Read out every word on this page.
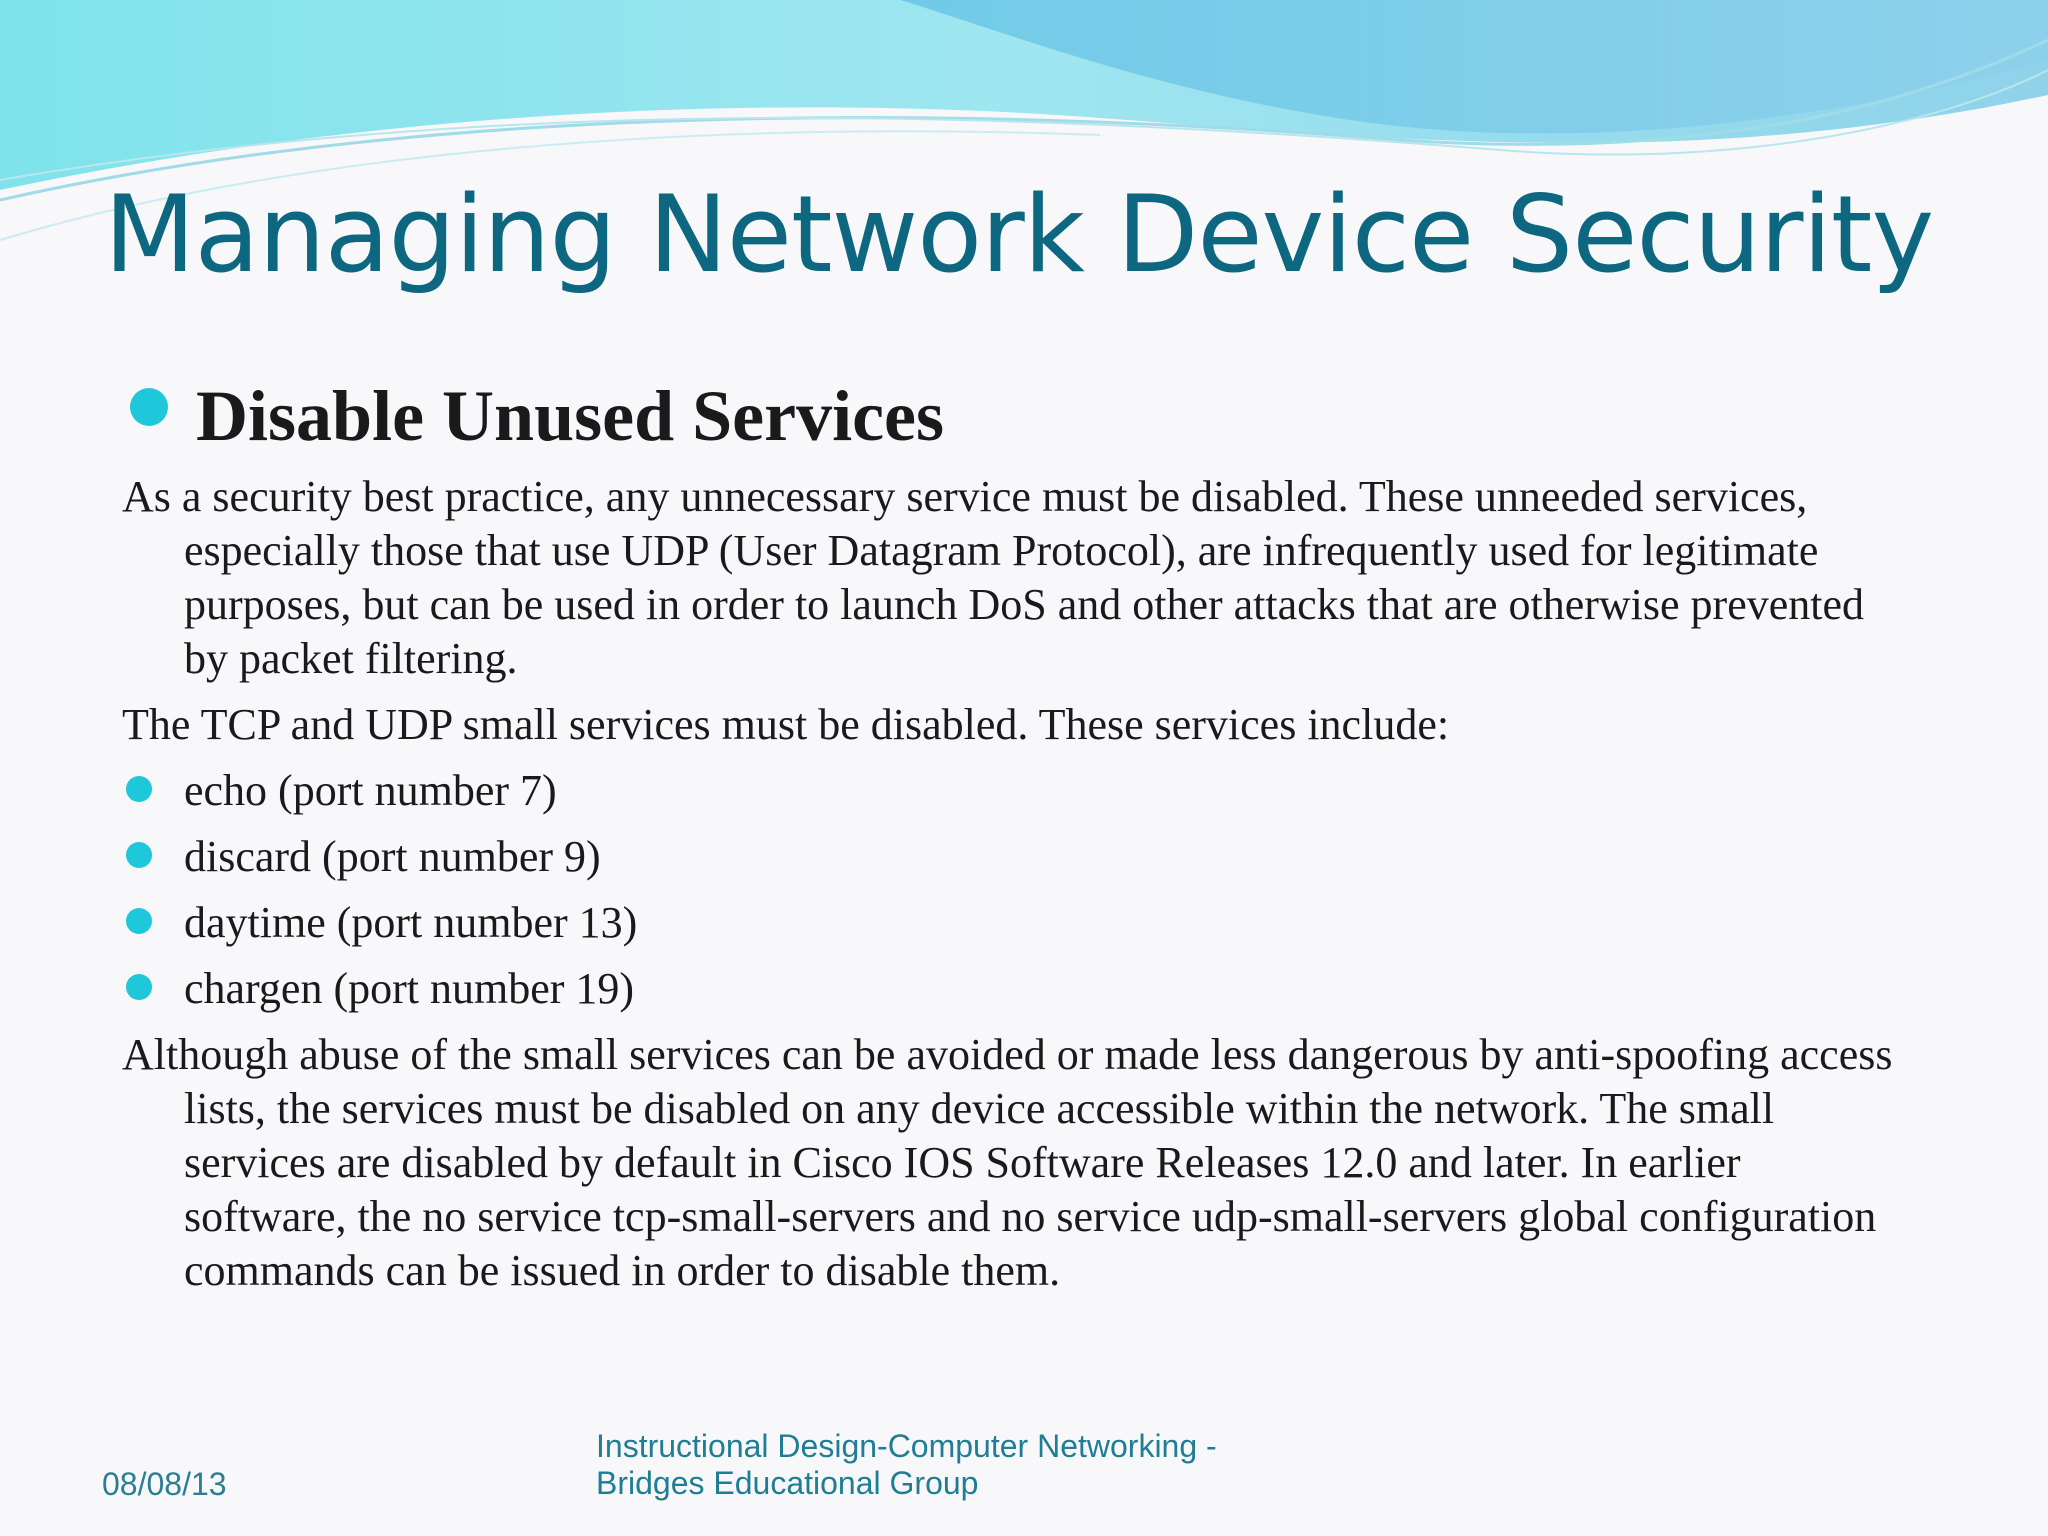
Managing Network Device Security
Disable Unused Services

As a security best practice, any unnecessary service must be disabled. These unneeded services, especially those that use UDP (User Datagram Protocol), are infrequently used for legitimate purposes, but can be used in order to launch DoS and other attacks that are otherwise prevented by packet filtering.

The TCP and UDP small services must be disabled. These services include:

echo (port number 7)
discard (port number 9)
daytime (port number 13)
chargen (port number 19)

Although abuse of the small services can be avoided or made less dangerous by anti-spoofing access lists, the services must be disabled on any device accessible within the network. The small services are disabled by default in Cisco IOS Software Releases 12.0 and later. In earlier software, the no service tcp-small-servers and no service udp-small-servers global configuration commands can be issued in order to disable them.

08/08/13
Instructional Design-Computer Networking -
Bridges Educational Group
